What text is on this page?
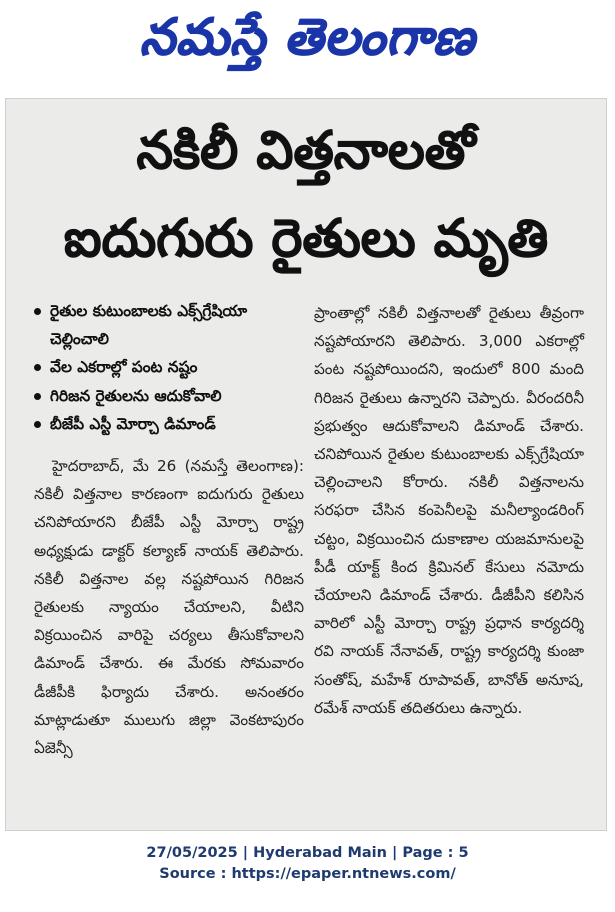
నమస్తే తెలంగాణ
నకిలీ విత్తనాలతో
ఐదుగురు రైతులు మృతి
రైతుల కుటుంబాలకు ఎక్స్‌గ్రేషియా చెల్లించాలి
వేల ఎకరాల్లో పంట నష్టం
గిరిజన రైతులను ఆదుకోవాలి
బీజేపీ ఎస్టీ మోర్చా డిమాండ్

హైదరాబాద్, మే 26 (నమస్తే తెలంగాణ): నకిలీ విత్తనాల కారణంగా ఐదుగురు రైతులు చనిపోయారని బీజేపీ ఎస్టీ మోర్చా రాష్ట్ర అధ్యక్షుడు డాక్టర్ కల్యాణ్ నాయక్ తెలిపారు. నకిలీ విత్తనాల వల్ల నష్టపోయిన గిరిజన రైతులకు న్యాయం చేయాలని, వీటిని విక్రయించిన వారిపై చర్యలు తీసుకోవాలని డిమాండ్ చేశారు. ఈ మేరకు సోమవారం డీజీపీకి ఫిర్యాదు చేశారు. అనంతరం మాట్లాడుతూ ములుగు జిల్లా వెంకటాపురం ఏజెన్సీ

ప్రాంతాల్లో నకిలీ విత్తనాలతో రైతులు తీవ్రంగా నష్టపోయారని తెలిపారు. 3,000 ఎకరాల్లో పంట నష్టపోయిందని, ఇందులో 800 మంది గిరిజన రైతులు ఉన్నారని చెప్పారు. వీరందరినీ ప్రభుత్వం ఆదుకోవాలని డిమాండ్ చేశారు. చనిపోయిన రైతుల కుటుంబాలకు ఎక్స్‌గ్రేషియా చెల్లించాలని కోరారు. నకిలీ విత్తనాలను సరఫరా చేసిన కంపెనీలపై మనీల్యాండరింగ్ చట్టం, విక్రయించిన దుకాణాల యజమానులపై పీడీ యాక్ట్ కింద క్రిమినల్ కేసులు నమోదు చేయాలని డిమాండ్ చేశారు. డీజీపీని కలిసిన వారిలో ఎస్టీ మోర్చా రాష్ట్ర ప్రధాన కార్యదర్శి రవి నాయక్ నేనావత్, రాష్ట్ర కార్యదర్శి కుంజా సంతోష్, మహేశ్ రూపావత్, బానోత్ అనూష, రమేశ్ నాయక్ తదితరులు ఉన్నారు.

27/05/2025 | Hyderabad Main | Page : 5
Source : https://epaper.ntnews.com/
